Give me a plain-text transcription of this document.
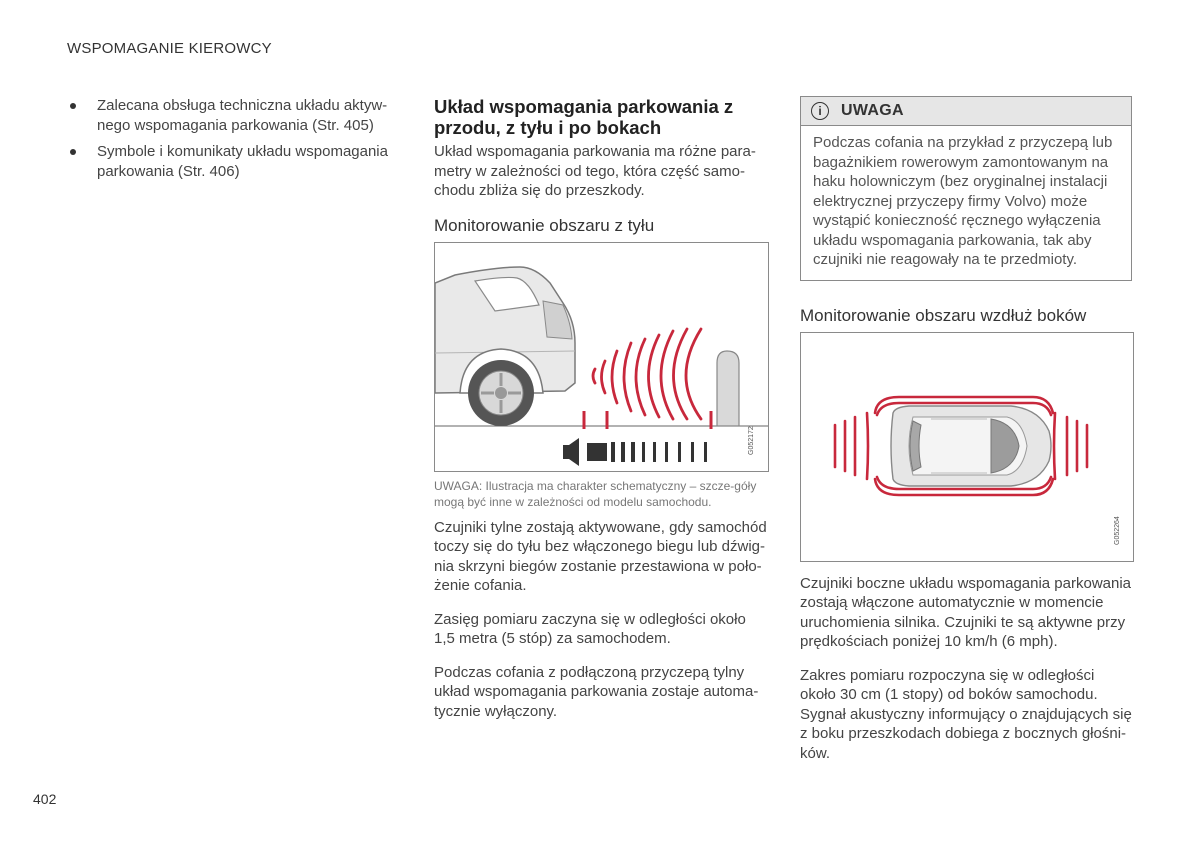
WSPOMAGANIE KIEROWCY
Zalecana obsługa techniczna układu aktyw-nego wspomagania parkowania (Str. 405)
Symbole i komunikaty układu wspomagania parkowania (Str. 406)
Układ wspomagania parkowania z przodu, z tyłu i po bokach

Układ wspomagania parkowania ma różne para-metry w zależności od tego, która część samo-chodu zbliża się do przeszkody.

Monitorowanie obszaru z tyłu
G052172

UWAGA: Ilustracja ma charakter schematyczny – szcze-góły mogą być inne w zależności od modelu samochodu.

Czujniki tylne zostają aktywowane, gdy samochód toczy się do tyłu bez włączonego biegu lub dźwig-nia skrzyni biegów zostanie przestawiona w poło-żenie cofania.

Zasięg pomiaru zaczyna się w odległości około 1,5 metra (5 stóp) za samochodem.

Podczas cofania z podłączoną przyczepą tylny układ wspomagania parkowania zostaje automa-tycznie wyłączony.

i	UWAGA

Podczas cofania na przykład z przyczepą lub bagażnikiem rowerowym zamontowanym na haku holowniczym (bez oryginalnej instalacji elektrycznej przyczepy firmy Volvo) może wystąpić konieczność ręcznego wyłączenia układu wspomagania parkowania, tak aby czujniki nie reagowały na te przedmioty.

Monitorowanie obszaru wzdłuż boków
G052264

Czujniki boczne układu wspomagania parkowania zostają włączone automatycznie w momencie uruchomienia silnika. Czujniki te są aktywne przy prędkościach poniżej 10 km/h (6 mph).

Zakres pomiaru rozpoczyna się w odległości około 30 cm (1 stopy) od boków samochodu. Sygnał akustyczny informujący o znajdujących się z boku przeszkodach dobiega z bocznych głośni-ków.

402
